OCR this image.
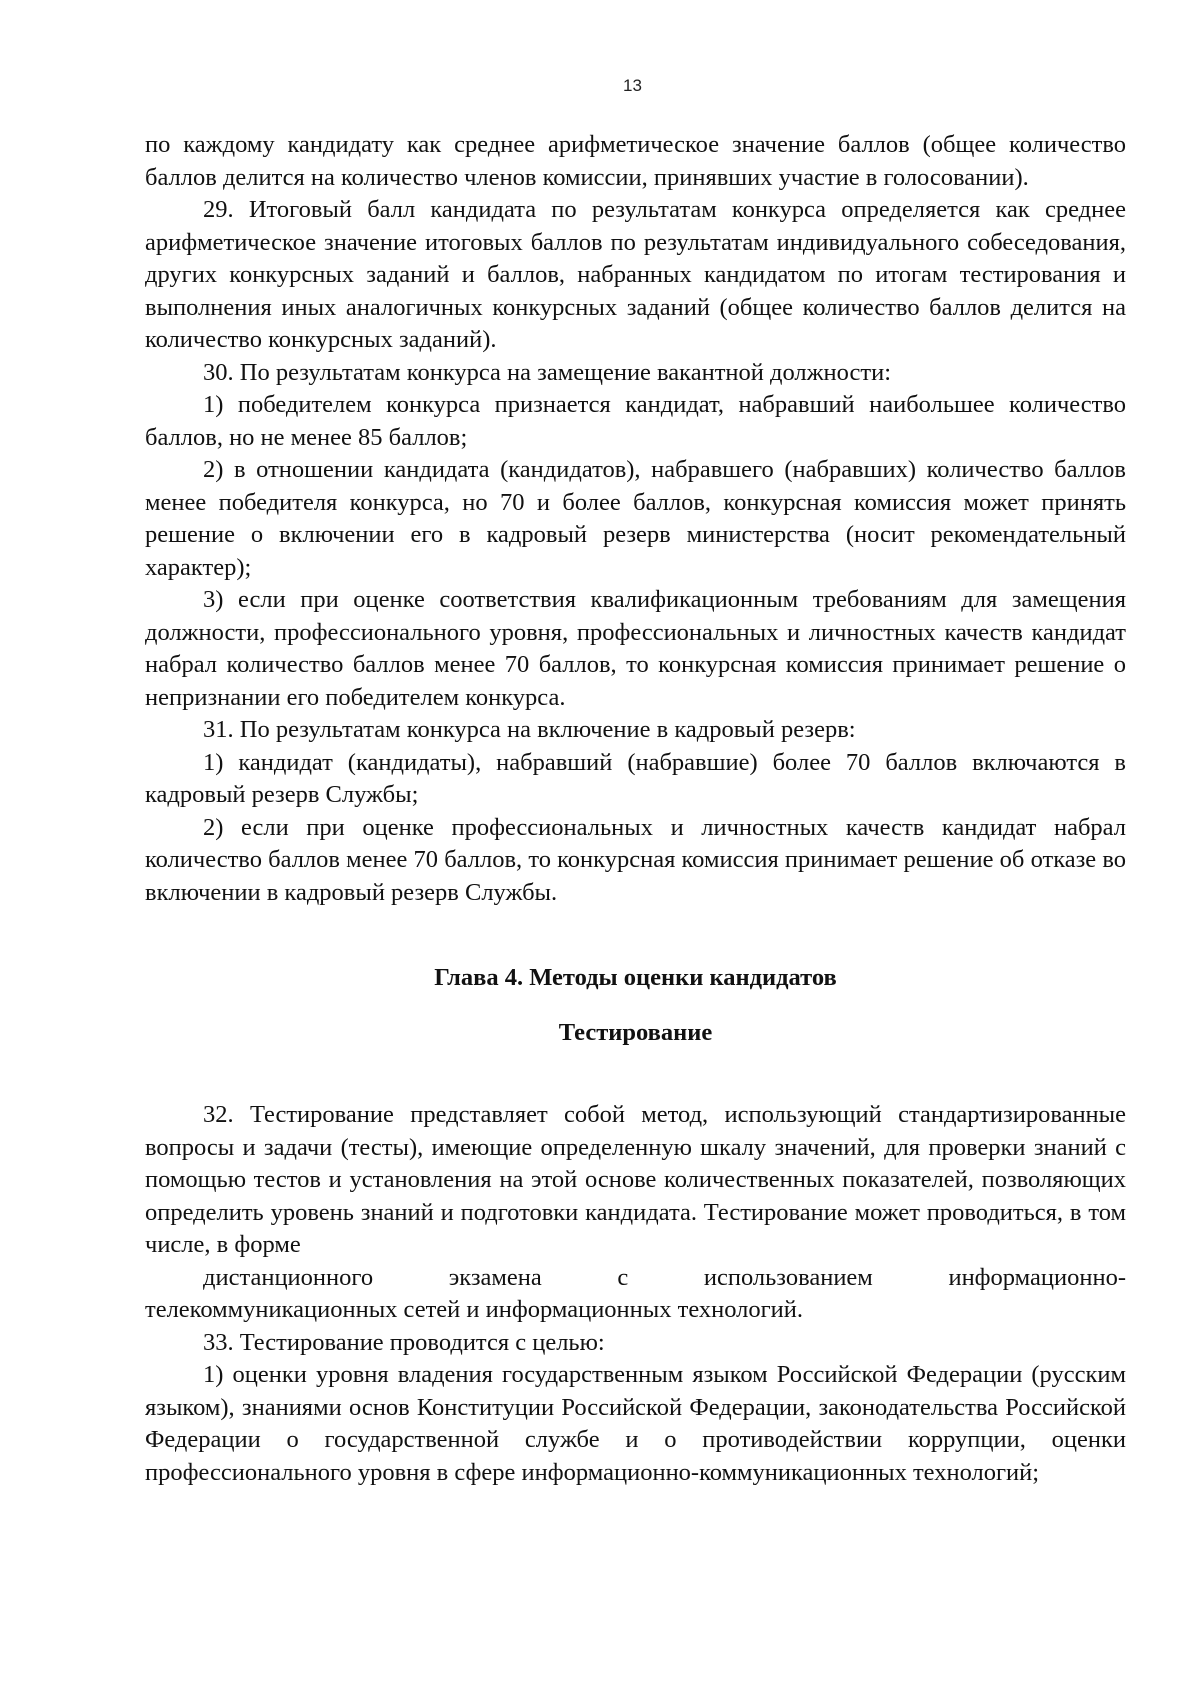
13

по каждому кандидату как среднее арифметическое значение баллов (общее количество баллов делится на количество членов комиссии, принявших участие в голосовании).

29. Итоговый балл кандидата по результатам конкурса определяется как среднее арифметическое значение итоговых баллов по результатам индивидуального собеседования, других конкурсных заданий и баллов, набранных кандидатом по итогам тестирования и выполнения иных аналогичных конкурсных заданий (общее количество баллов делится на количество конкурсных заданий).

30. По результатам конкурса на замещение вакантной должности:

1) победителем конкурса признается кандидат, набравший наибольшее количество баллов, но не менее 85 баллов;

2) в отношении кандидата (кандидатов), набравшего (набравших) количество баллов менее победителя конкурса, но 70 и более баллов, конкурсная комиссия может принять решение о включении его в кадровый резерв министерства (носит рекомендательный характер);

3) если при оценке соответствия квалификационным требованиям для замещения должности, профессионального уровня, профессиональных и личностных качеств кандидат набрал количество баллов менее 70 баллов, то конкурсная комиссия принимает решение о непризнании его победителем конкурса.

31. По результатам конкурса на включение в кадровый резерв:

1) кандидат (кандидаты), набравший (набравшие) более 70 баллов включаются в кадровый резерв Службы;

2) если при оценке профессиональных и личностных качеств кандидат набрал количество баллов менее 70 баллов, то конкурсная комиссия принимает решение об отказе во включении в кадровый резерв Службы.

Глава 4. Методы оценки кандидатов

Тестирование

32. Тестирование представляет собой метод, использующий стандартизированные вопросы и задачи (тесты), имеющие определенную шкалу значений, для проверки знаний с помощью тестов и установления на этой основе количественных показателей, позволяющих определить уровень знаний и подготовки кандидата. Тестирование может проводиться, в том числе, в форме
дистанционного экзамена с использованием информационно-
телекоммуникационных сетей и информационных технологий.

33. Тестирование проводится с целью:

1) оценки уровня владения государственным языком Российской Федерации (русским языком), знаниями основ Конституции Российской Федерации, законодательства Российской Федерации о государственной службе и о противодействии коррупции, оценки профессионального уровня в сфере информационно-коммуникационных технологий;
